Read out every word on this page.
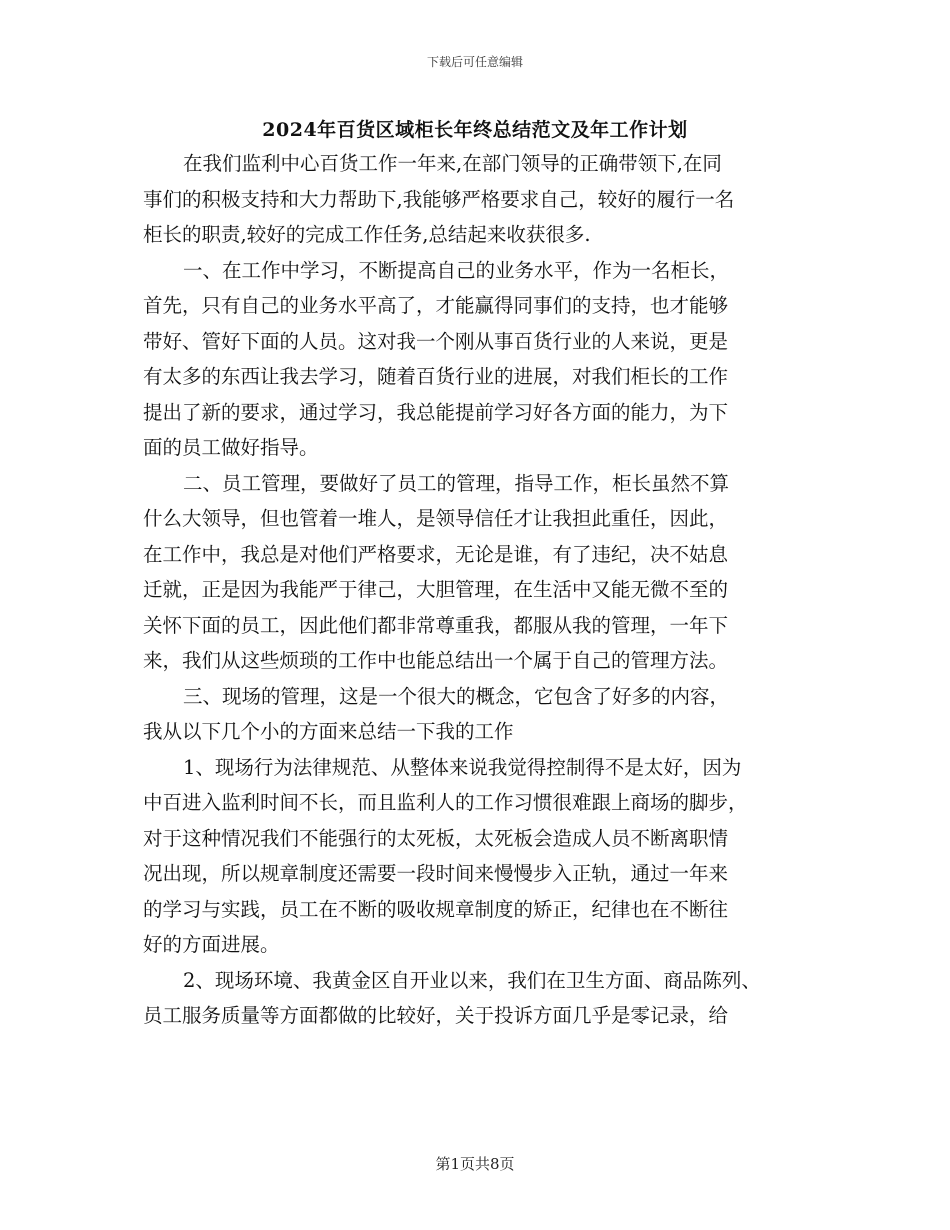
下载后可任意编辑
2024年百货区域柜长年终总结范文及年工作计划
在我们监利中心百货工作一年来,在部门领导的正确带领下,在同
事们的积极支持和大力帮助下,我能够严格要求自己，较好的履行一名
柜长的职责,较好的完成工作任务,总结起来收获很多.
一、在工作中学习，不断提高自己的业务水平，作为一名柜长，
首先，只有自己的业务水平高了，才能赢得同事们的支持，也才能够
带好、管好下面的人员。这对我一个刚从事百货行业的人来说，更是
有太多的东西让我去学习，随着百货行业的进展，对我们柜长的工作
提出了新的要求，通过学习，我总能提前学习好各方面的能力，为下
面的员工做好指导。
二、员工管理，要做好了员工的管理，指导工作，柜长虽然不算
什么大领导，但也管着一堆人，是领导信任才让我担此重任，因此，
在工作中，我总是对他们严格要求，无论是谁，有了违纪，决不姑息
迁就，正是因为我能严于律己，大胆管理，在生活中又能无微不至的
关怀下面的员工，因此他们都非常尊重我，都服从我的管理，一年下
来，我们从这些烦琐的工作中也能总结出一个属于自己的管理方法。
三、现场的管理，这是一个很大的概念，它包含了好多的内容，
我从以下几个小的方面来总结一下我的工作
1、现场行为法律规范、从整体来说我觉得控制得不是太好，因为
中百进入监利时间不长，而且监利人的工作习惯很难跟上商场的脚步，
对于这种情况我们不能强行的太死板，太死板会造成人员不断离职情
况出现，所以规章制度还需要一段时间来慢慢步入正轨，通过一年来
的学习与实践，员工在不断的吸收规章制度的矫正，纪律也在不断往
好的方面进展。
2、现场环境、我黄金区自开业以来，我们在卫生方面、商品陈列、
员工服务质量等方面都做的比较好，关于投诉方面几乎是零记录，给
第1页共8页
